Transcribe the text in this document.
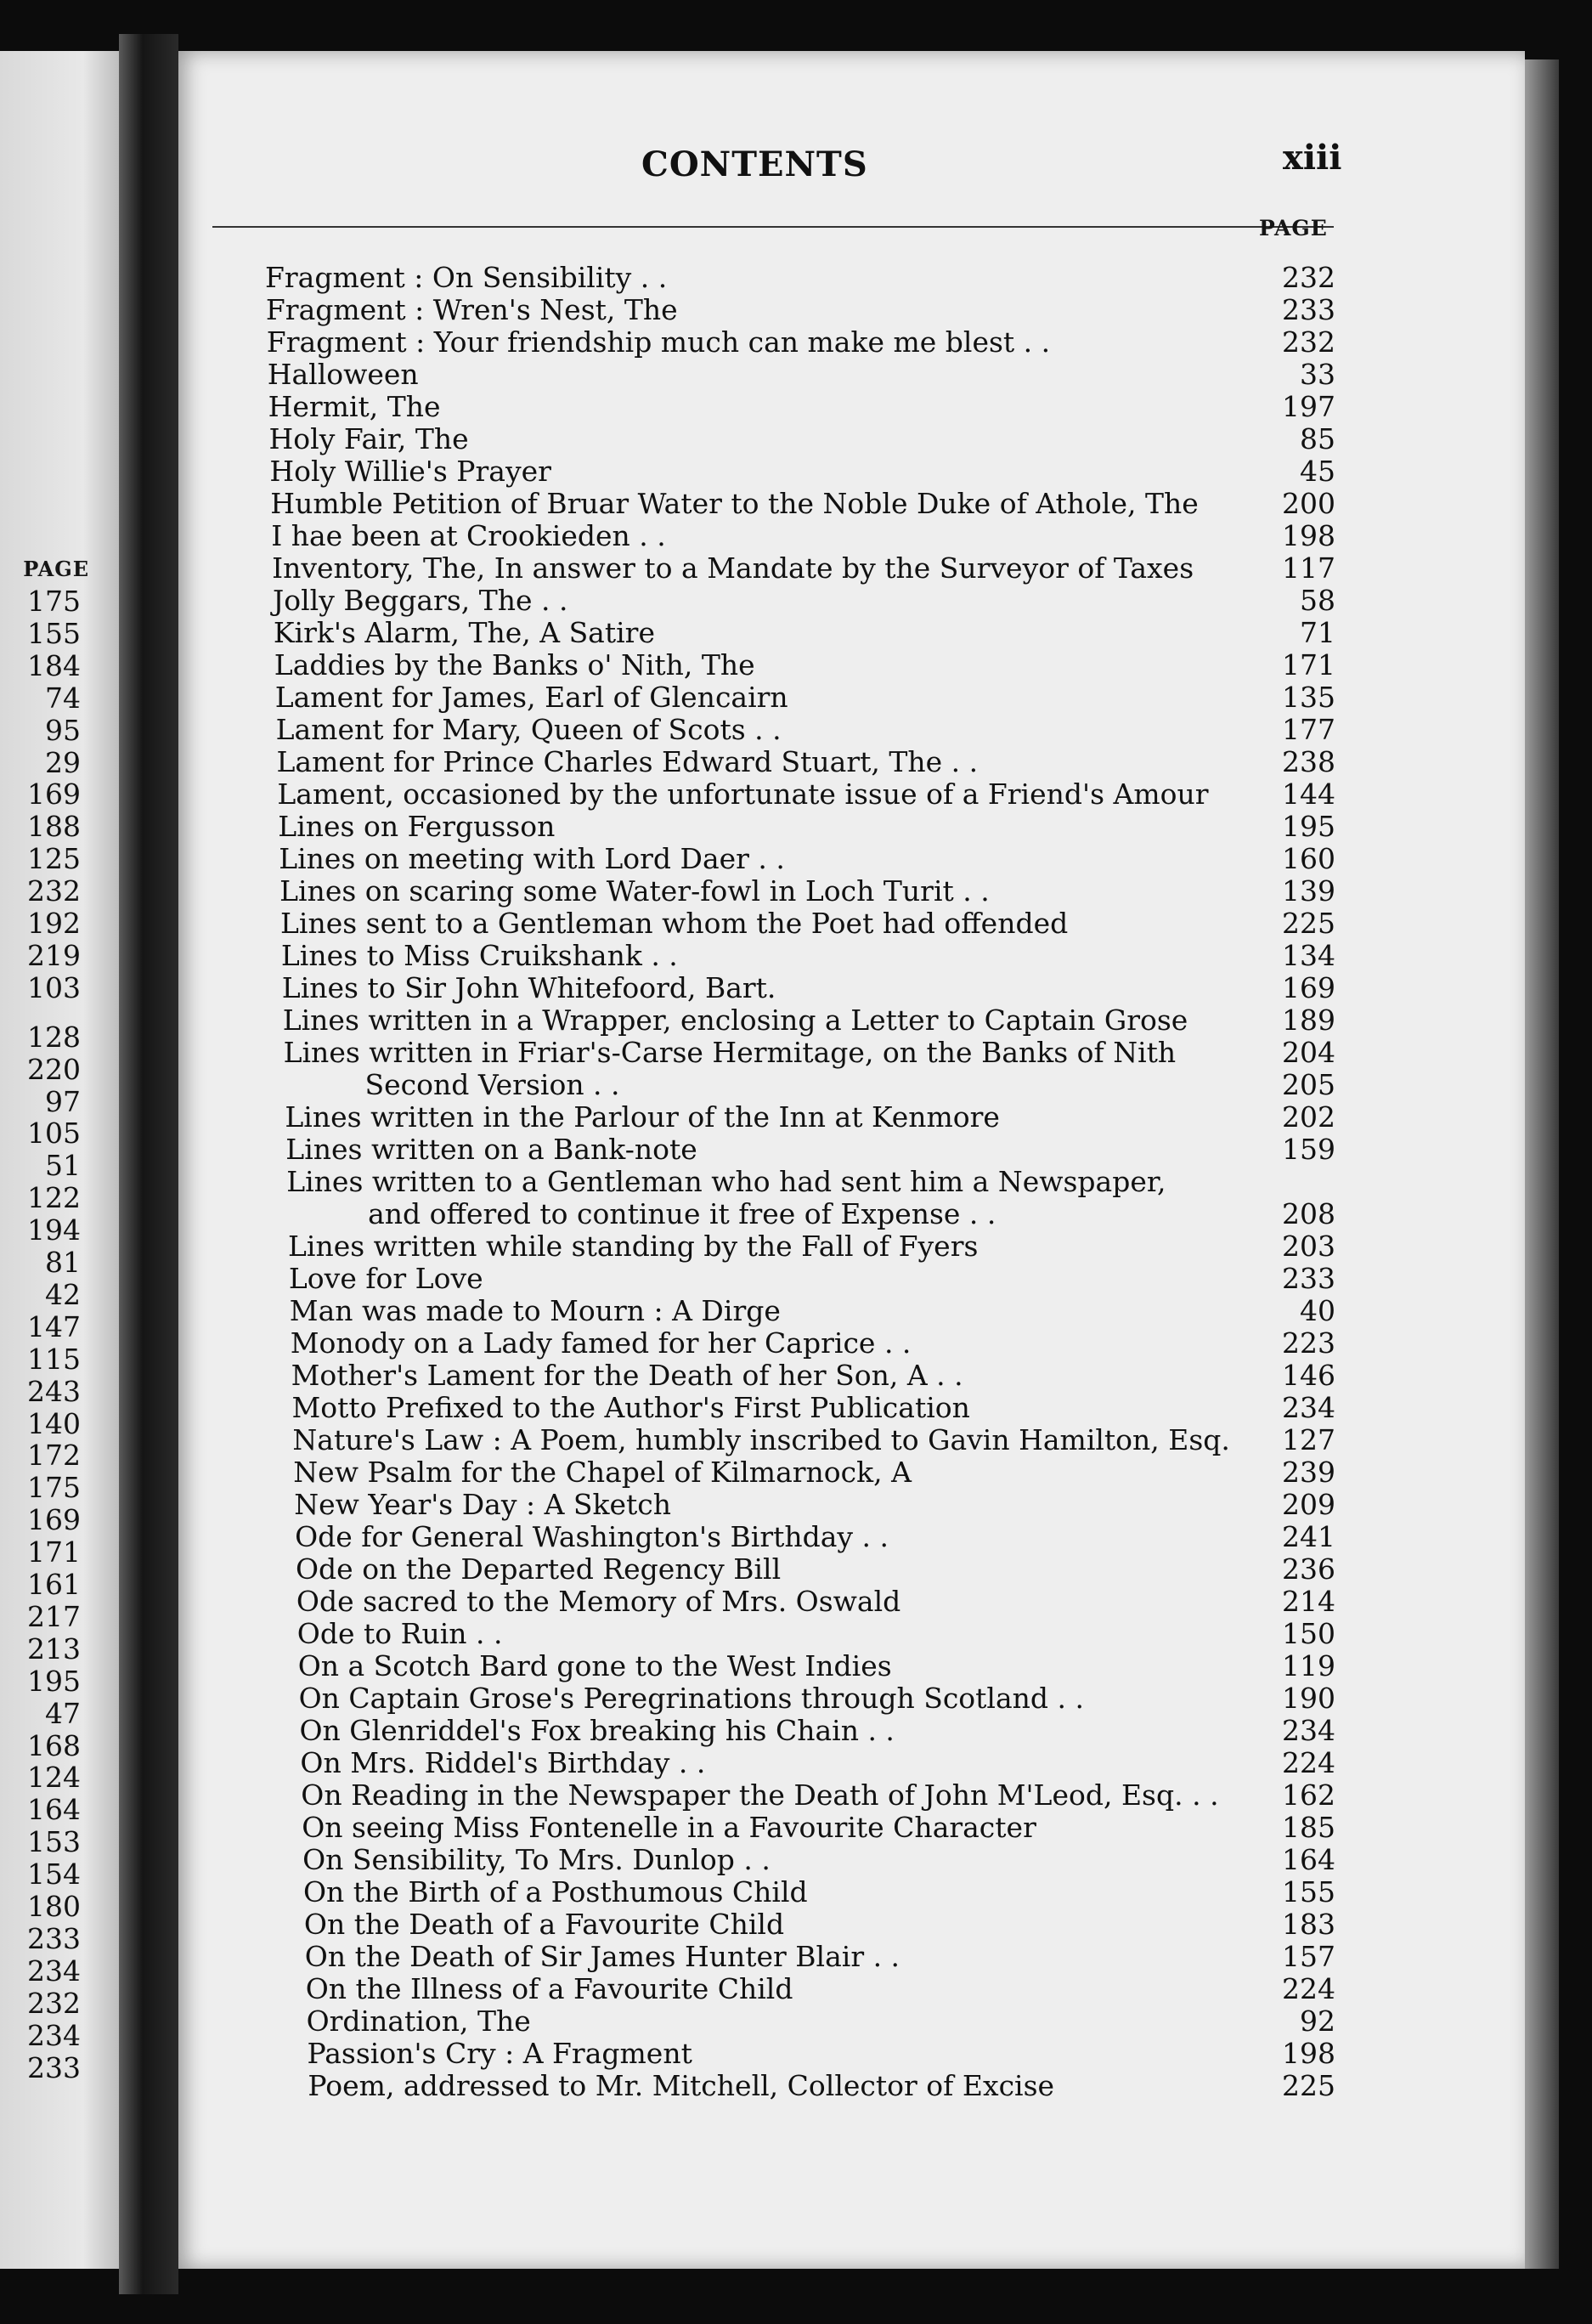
PAGE
175
155
184
74
95
29
169
188
125
232
192
219
103
128
220
97
105
51
122
194
81
42
147
115
243
140
172
175
169
171
161
217
213
195
47
168
124
164
153
154
180
233
234
232
234
233
CONTENTS	xiii
PAGE
Fragment : On Sensibility . .	232
Fragment : Wren's Nest, The	233
Fragment : Your friendship much can make me blest . .	232
Halloween	33
Hermit, The	197
Holy Fair, The	85
Holy Willie's Prayer	45
Humble Petition of Bruar Water to the Noble Duke of Athole, The	200
I hae been at Crookieden . .	198
Inventory, The, In answer to a Mandate by the Surveyor of Taxes	117
Jolly Beggars, The . .	58
Kirk's Alarm, The, A Satire	71
Laddies by the Banks o' Nith, The	171
Lament for James, Earl of Glencairn	135
Lament for Mary, Queen of Scots . .	177
Lament for Prince Charles Edward Stuart, The . .	238
Lament, occasioned by the unfortunate issue of a Friend's Amour	144
Lines on Fergusson	195
Lines on meeting with Lord Daer . .	160
Lines on scaring some Water-fowl in Loch Turit . .	139
Lines sent to a Gentleman whom the Poet had offended	225
Lines to Miss Cruikshank . .	134
Lines to Sir John Whitefoord, Bart.	169
Lines written in a Wrapper, enclosing a Letter to Captain Grose	189
Lines written in Friar's-Carse Hermitage, on the Banks of Nith	204
Second Version . .	205
Lines written in the Parlour of the Inn at Kenmore	202
Lines written on a Bank-note	159
Lines written to a Gentleman who had sent him a Newspaper,
and offered to continue it free of Expense . .	208
Lines written while standing by the Fall of Fyers	203
Love for Love	233
Man was made to Mourn : A Dirge	40
Monody on a Lady famed for her Caprice . .	223
Mother's Lament for the Death of her Son, A . .	146
Motto Prefixed to the Author's First Publication	234
Nature's Law : A Poem, humbly inscribed to Gavin Hamilton, Esq.	127
New Psalm for the Chapel of Kilmarnock, A	239
New Year's Day : A Sketch	209
Ode for General Washington's Birthday . .	241
Ode on the Departed Regency Bill	236
Ode sacred to the Memory of Mrs. Oswald	214
Ode to Ruin . .	150
On a Scotch Bard gone to the West Indies	119
On Captain Grose's Peregrinations through Scotland . .	190
On Glenriddel's Fox breaking his Chain . .	234
On Mrs. Riddel's Birthday . .	224
On Reading in the Newspaper the Death of John M'Leod, Esq. . .	162
On seeing Miss Fontenelle in a Favourite Character	185
On Sensibility, To Mrs. Dunlop . .	164
On the Birth of a Posthumous Child	155
On the Death of a Favourite Child	183
On the Death of Sir James Hunter Blair . .	157
On the Illness of a Favourite Child	224
Ordination, The	92
Passion's Cry : A Fragment	198
Poem, addressed to Mr. Mitchell, Collector of Excise	225
